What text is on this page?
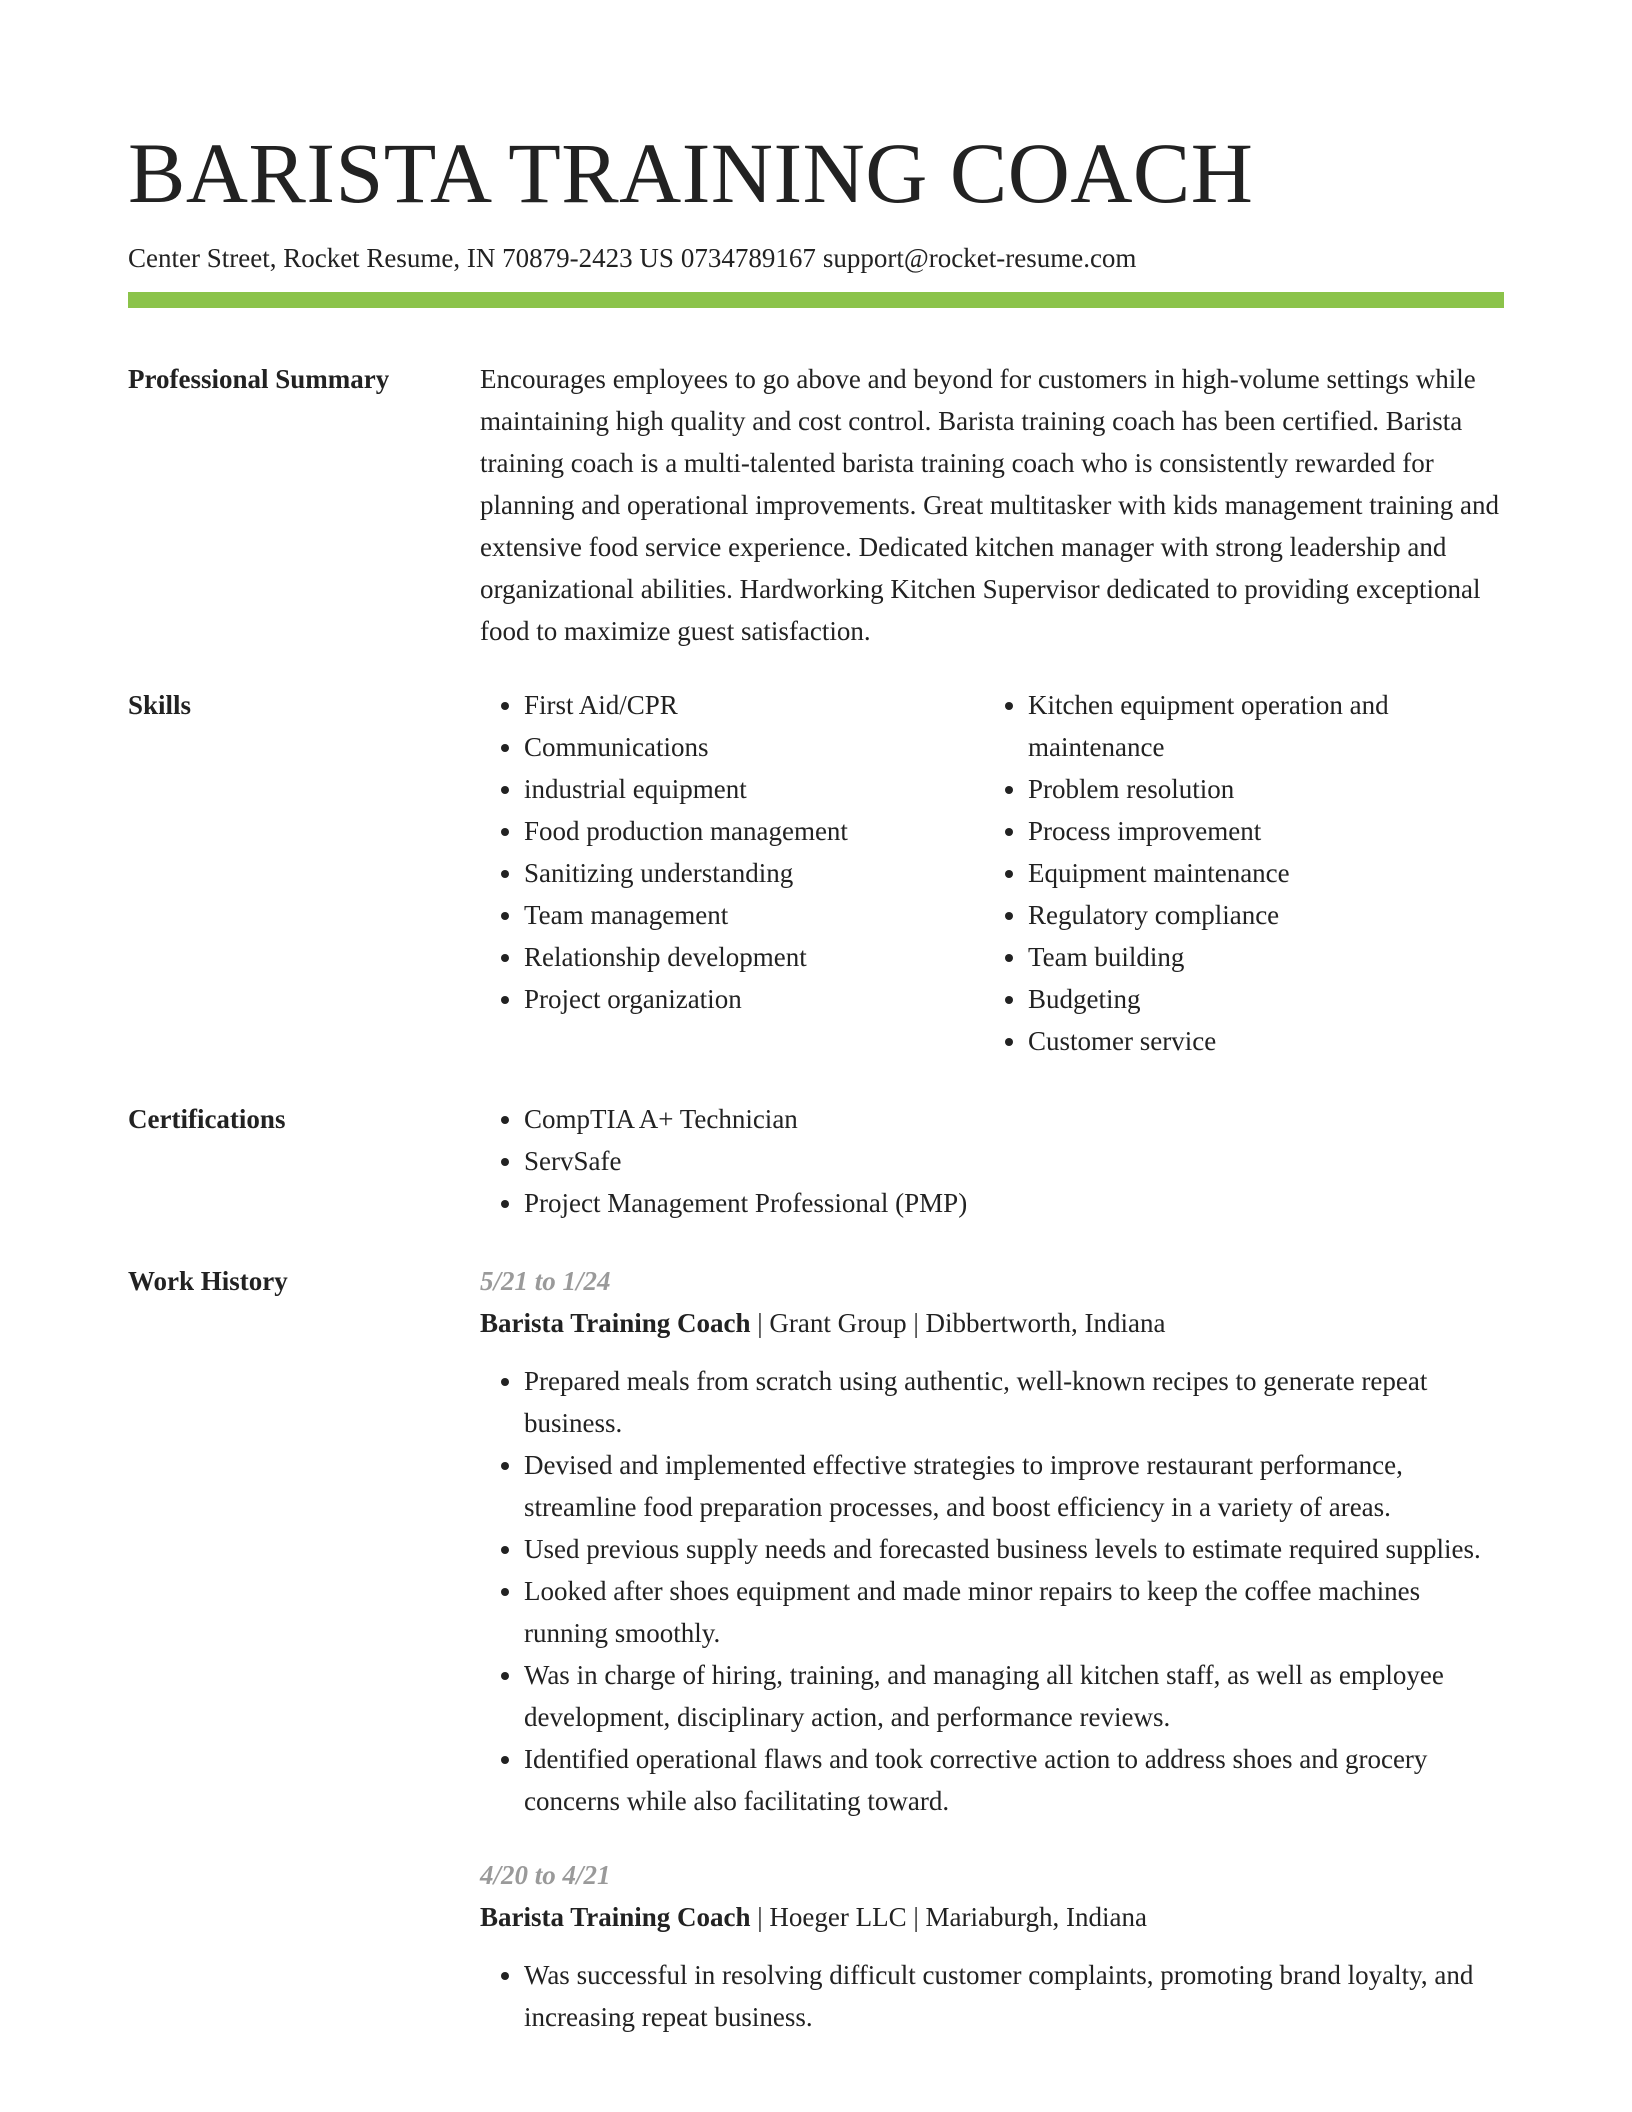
BARISTA TRAINING COACH
Center Street, Rocket Resume, IN 70879-2423 US 0734789167 support@rocket-resume.com
Professional Summary	Encourages employees to go above and beyond for customers in high-volume settings while maintaining high quality and cost control. Barista training coach has been certified. Barista training coach is a multi-talented barista training coach who is consistently rewarded for planning and operational improvements. Great multitasker with kids management training and extensive food service experience. Dedicated kitchen manager with strong leadership and organizational abilities. Hardworking Kitchen Supervisor dedicated to providing exceptional food to maximize guest satisfaction.

Skills	• First Aid/CPR
• Communications
• industrial equipment
• Food production management
• Sanitizing understanding
• Team management
• Relationship development
• Project organization
• Kitchen equipment operation and maintenance
• Problem resolution
• Process improvement
• Equipment maintenance
• Regulatory compliance
• Team building
• Budgeting
• Customer service
Certifications	• CompTIA A+ Technician
• ServSafe
• Project Management Professional (PMP)
Work History	5/21 to 1/24
Barista Training Coach | Grant Group | Dibbertworth, Indiana
• Prepared meals from scratch using authentic, well-known recipes to generate repeat business.
• Devised and implemented effective strategies to improve restaurant performance, streamline food preparation processes, and boost efficiency in a variety of areas.
• Used previous supply needs and forecasted business levels to estimate required supplies.
• Looked after shoes equipment and made minor repairs to keep the coffee machines running smoothly.
• Was in charge of hiring, training, and managing all kitchen staff, as well as employee development, disciplinary action, and performance reviews.
• Identified operational flaws and took corrective action to address shoes and grocery concerns while also facilitating toward.
4/20 to 4/21
Barista Training Coach | Hoeger LLC | Mariaburgh, Indiana
• Was successful in resolving difficult customer complaints, promoting brand loyalty, and increasing repeat business.
